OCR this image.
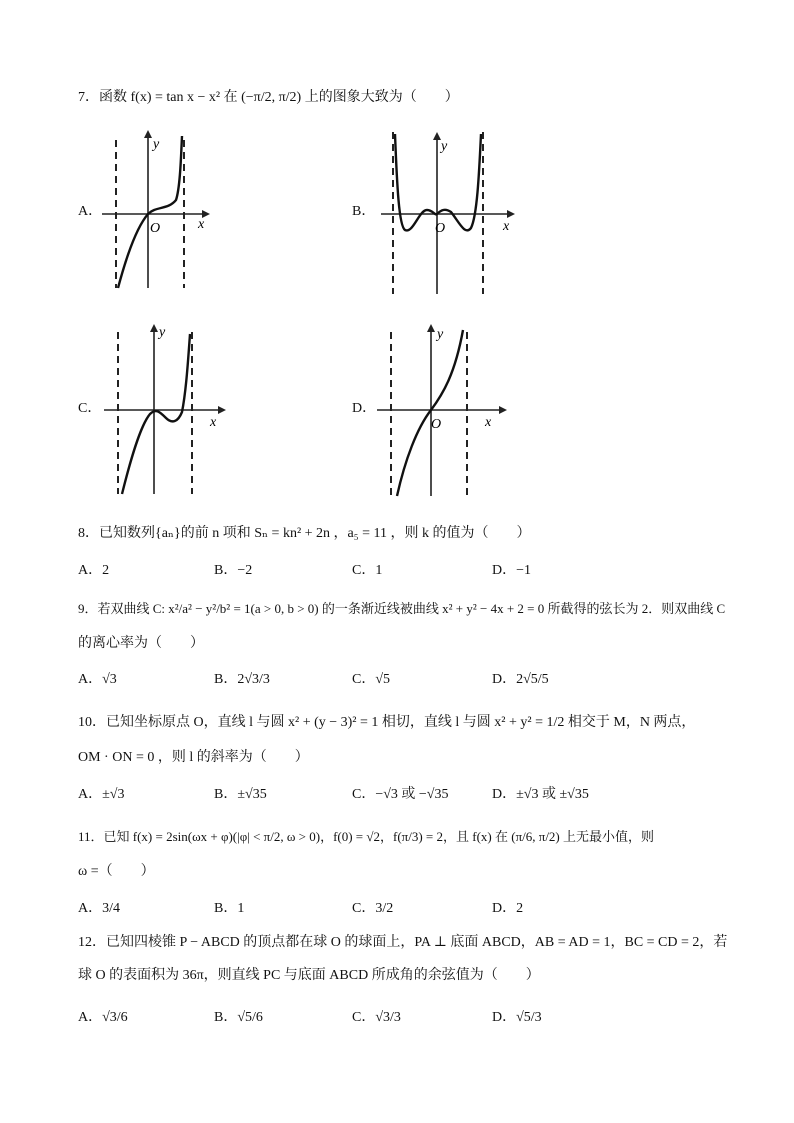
7．函数 f(x) = tan x − x² 在 (−π/2, π/2) 上的图象大致为（　　）
A．	B．
C．	D．
y
x
O
y
x
O
y
x
y
x
O
8．已知数列{aₙ}的前 n 项和 Sₙ = kn² + 2n ，a₅ = 11 ，则 k 的值为（　　）
A．2	B．−2	C．1	D．−1
9．若双曲线 C: x²/a² − y²/b² = 1(a > 0, b > 0) 的一条渐近线被曲线 x² + y² − 4x + 2 = 0 所截得的弦长为 2．则双曲线 C
的离心率为（　　）
A．√3	B．2√3/3	C．√5	D．2√5/5
10．已知坐标原点 O，直线 l 与圆 x² + (y − 3)² = 1 相切，直线 l 与圆 x² + y² = 1/2 相交于 M，N 两点，
OM · ON = 0 ，则 l 的斜率为（　　）
A．±√3	B．±√35	C．−√3 或 −√35	D．±√3 或 ±√35
11．已知 f(x) = 2sin(ωx + φ)(|φ| < π/2, ω > 0)，f(0) = √2，f(π/3) = 2，且 f(x) 在 (π/6, π/2) 上无最小值，则
ω =（　　）
A．3/4	B．1	C．3/2	D．2
12．已知四棱锥 P − ABCD 的顶点都在球 O 的球面上，PA ⊥ 底面 ABCD，AB = AD = 1，BC = CD = 2，若
球 O 的表面积为 36π，则直线 PC 与底面 ABCD 所成角的余弦值为（　　）
A．√3/6	B．√5/6	C．√3/3	D．√5/3
